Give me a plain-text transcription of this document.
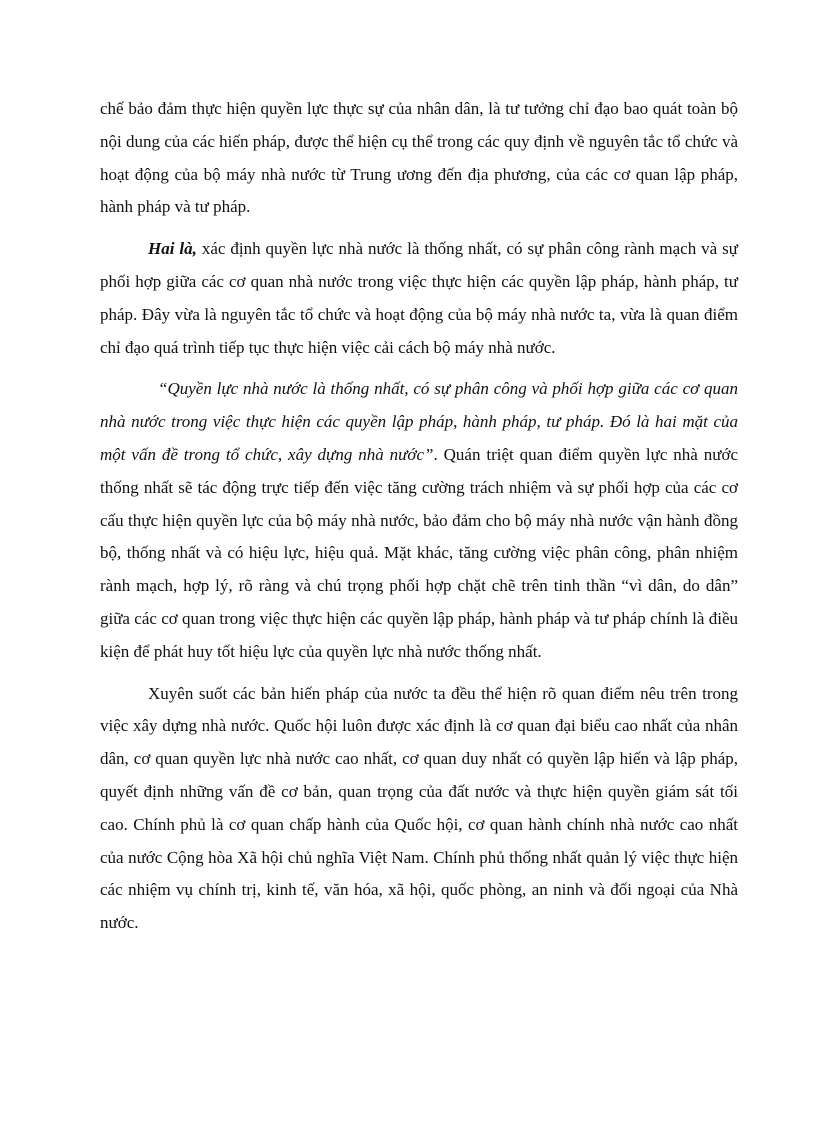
chế bảo đảm thực hiện quyền lực thực sự của nhân dân, là tư tưởng chỉ đạo bao quát toàn bộ nội dung của các hiến pháp, được thể hiện cụ thể trong các quy định về nguyên tắc tổ chức và hoạt động của bộ máy nhà nước từ Trung ương đến địa phương, của các cơ quan lập pháp, hành pháp và tư pháp.

Hai là, xác định quyền lực nhà nước là thống nhất, có sự phân công rành mạch và sự phối hợp giữa các cơ quan nhà nước trong việc thực hiện các quyền lập pháp, hành pháp, tư pháp. Đây vừa là nguyên tắc tổ chức và hoạt động của bộ máy nhà nước ta, vừa là quan điểm chỉ đạo quá trình tiếp tục thực hiện việc cải cách bộ máy nhà nước.

“Quyền lực nhà nước là thống nhất, có sự phân công và phối hợp giữa các cơ quan nhà nước trong việc thực hiện các quyền lập pháp, hành pháp, tư pháp. Đó là hai mặt của một vấn đề trong tổ chức, xây dựng nhà nước”. Quán triệt quan điểm quyền lực nhà nước thống nhất sẽ tác động trực tiếp đến việc tăng cường trách nhiệm và sự phối hợp của các cơ cấu thực hiện quyền lực của bộ máy nhà nước, bảo đảm cho bộ máy nhà nước vận hành đồng bộ, thống nhất và có hiệu lực, hiệu quả. Mặt khác, tăng cường việc phân công, phân nhiệm rành mạch, hợp lý, rõ ràng và chú trọng phối hợp chặt chẽ trên tinh thần “vì dân, do dân” giữa các cơ quan trong việc thực hiện các quyền lập pháp, hành pháp và tư pháp chính là điều kiện để phát huy tốt hiệu lực của quyền lực nhà nước thống nhất.

Xuyên suốt các bản hiến pháp của nước ta đều thể hiện rõ quan điểm nêu trên trong việc xây dựng nhà nước. Quốc hội luôn được xác định là cơ quan đại biểu cao nhất của nhân dân, cơ quan quyền lực nhà nước cao nhất, cơ quan duy nhất có quyền lập hiến và lập pháp, quyết định những vấn đề cơ bản, quan trọng của đất nước và thực hiện quyền giám sát tối cao. Chính phủ là cơ quan chấp hành của Quốc hội, cơ quan hành chính nhà nước cao nhất của nước Cộng hòa Xã hội chủ nghĩa Việt Nam. Chính phủ thống nhất quản lý việc thực hiện các nhiệm vụ chính trị, kinh tế, văn hóa, xã hội, quốc phòng, an ninh và đối ngoại của Nhà nước.
